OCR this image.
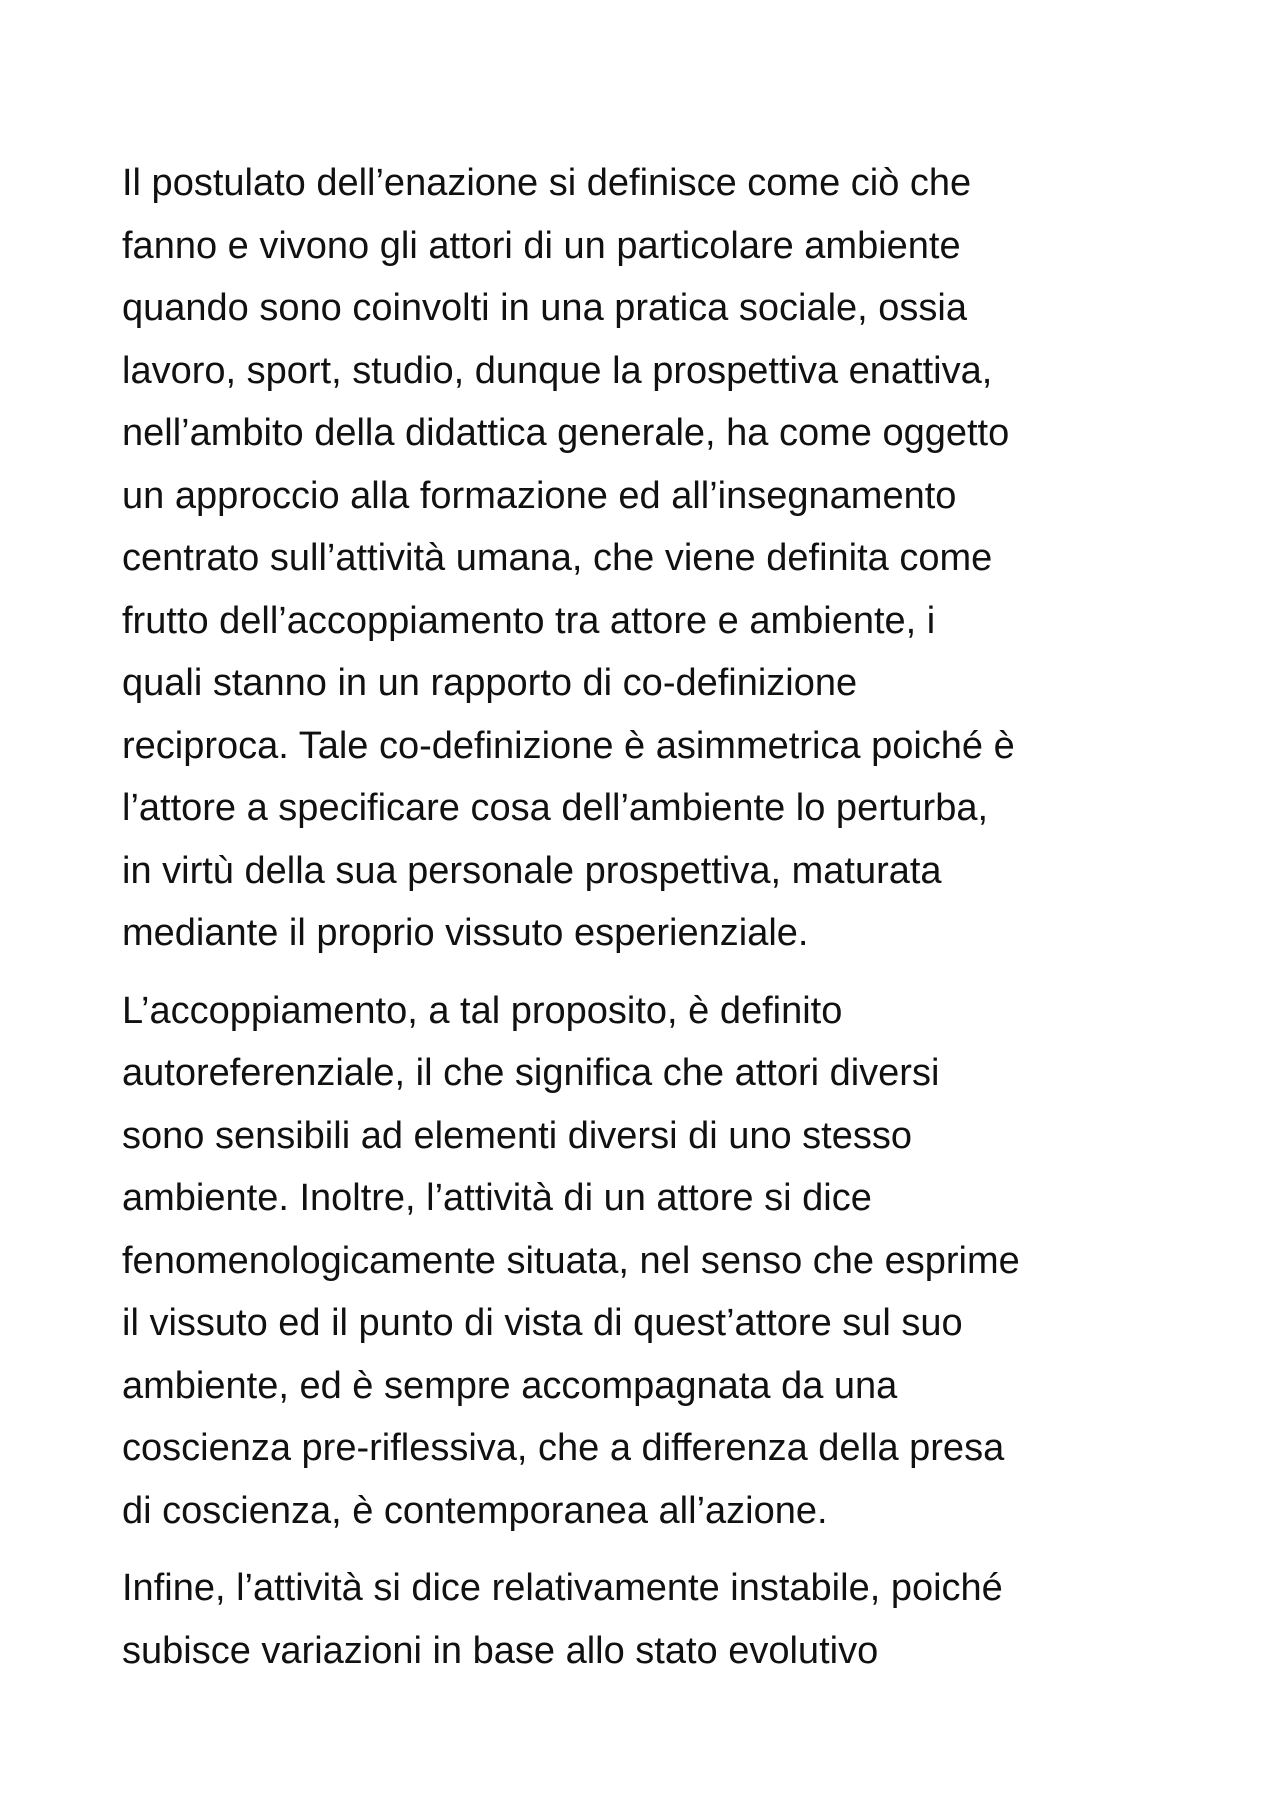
Il postulato dell’enazione si definisce come ciò che
fanno e vivono gli attori di un particolare ambiente
quando sono coinvolti in una pratica sociale, ossia
lavoro, sport, studio, dunque la prospettiva enattiva,
nell’ambito della didattica generale, ha come oggetto
un approccio alla formazione ed all’insegnamento
centrato sull’attività umana, che viene definita come
frutto dell’accoppiamento tra attore e ambiente, i
quali stanno in un rapporto di co-definizione
reciproca. Tale co-definizione è asimmetrica poiché è
l’attore a specificare cosa dell’ambiente lo perturba,
in virtù della sua personale prospettiva, maturata
mediante il proprio vissuto esperienziale.
L’accoppiamento, a tal proposito, è definito
autoreferenziale, il che significa che attori diversi
sono sensibili ad elementi diversi di uno stesso
ambiente. Inoltre, l’attività di un attore si dice
fenomenologicamente situata, nel senso che esprime
il vissuto ed il punto di vista di quest’attore sul suo
ambiente, ed è sempre accompagnata da una
coscienza pre-riflessiva, che a differenza della presa
di coscienza, è contemporanea all’azione.
Infine, l’attività si dice relativamente instabile, poiché
subisce variazioni in base allo stato evolutivo
